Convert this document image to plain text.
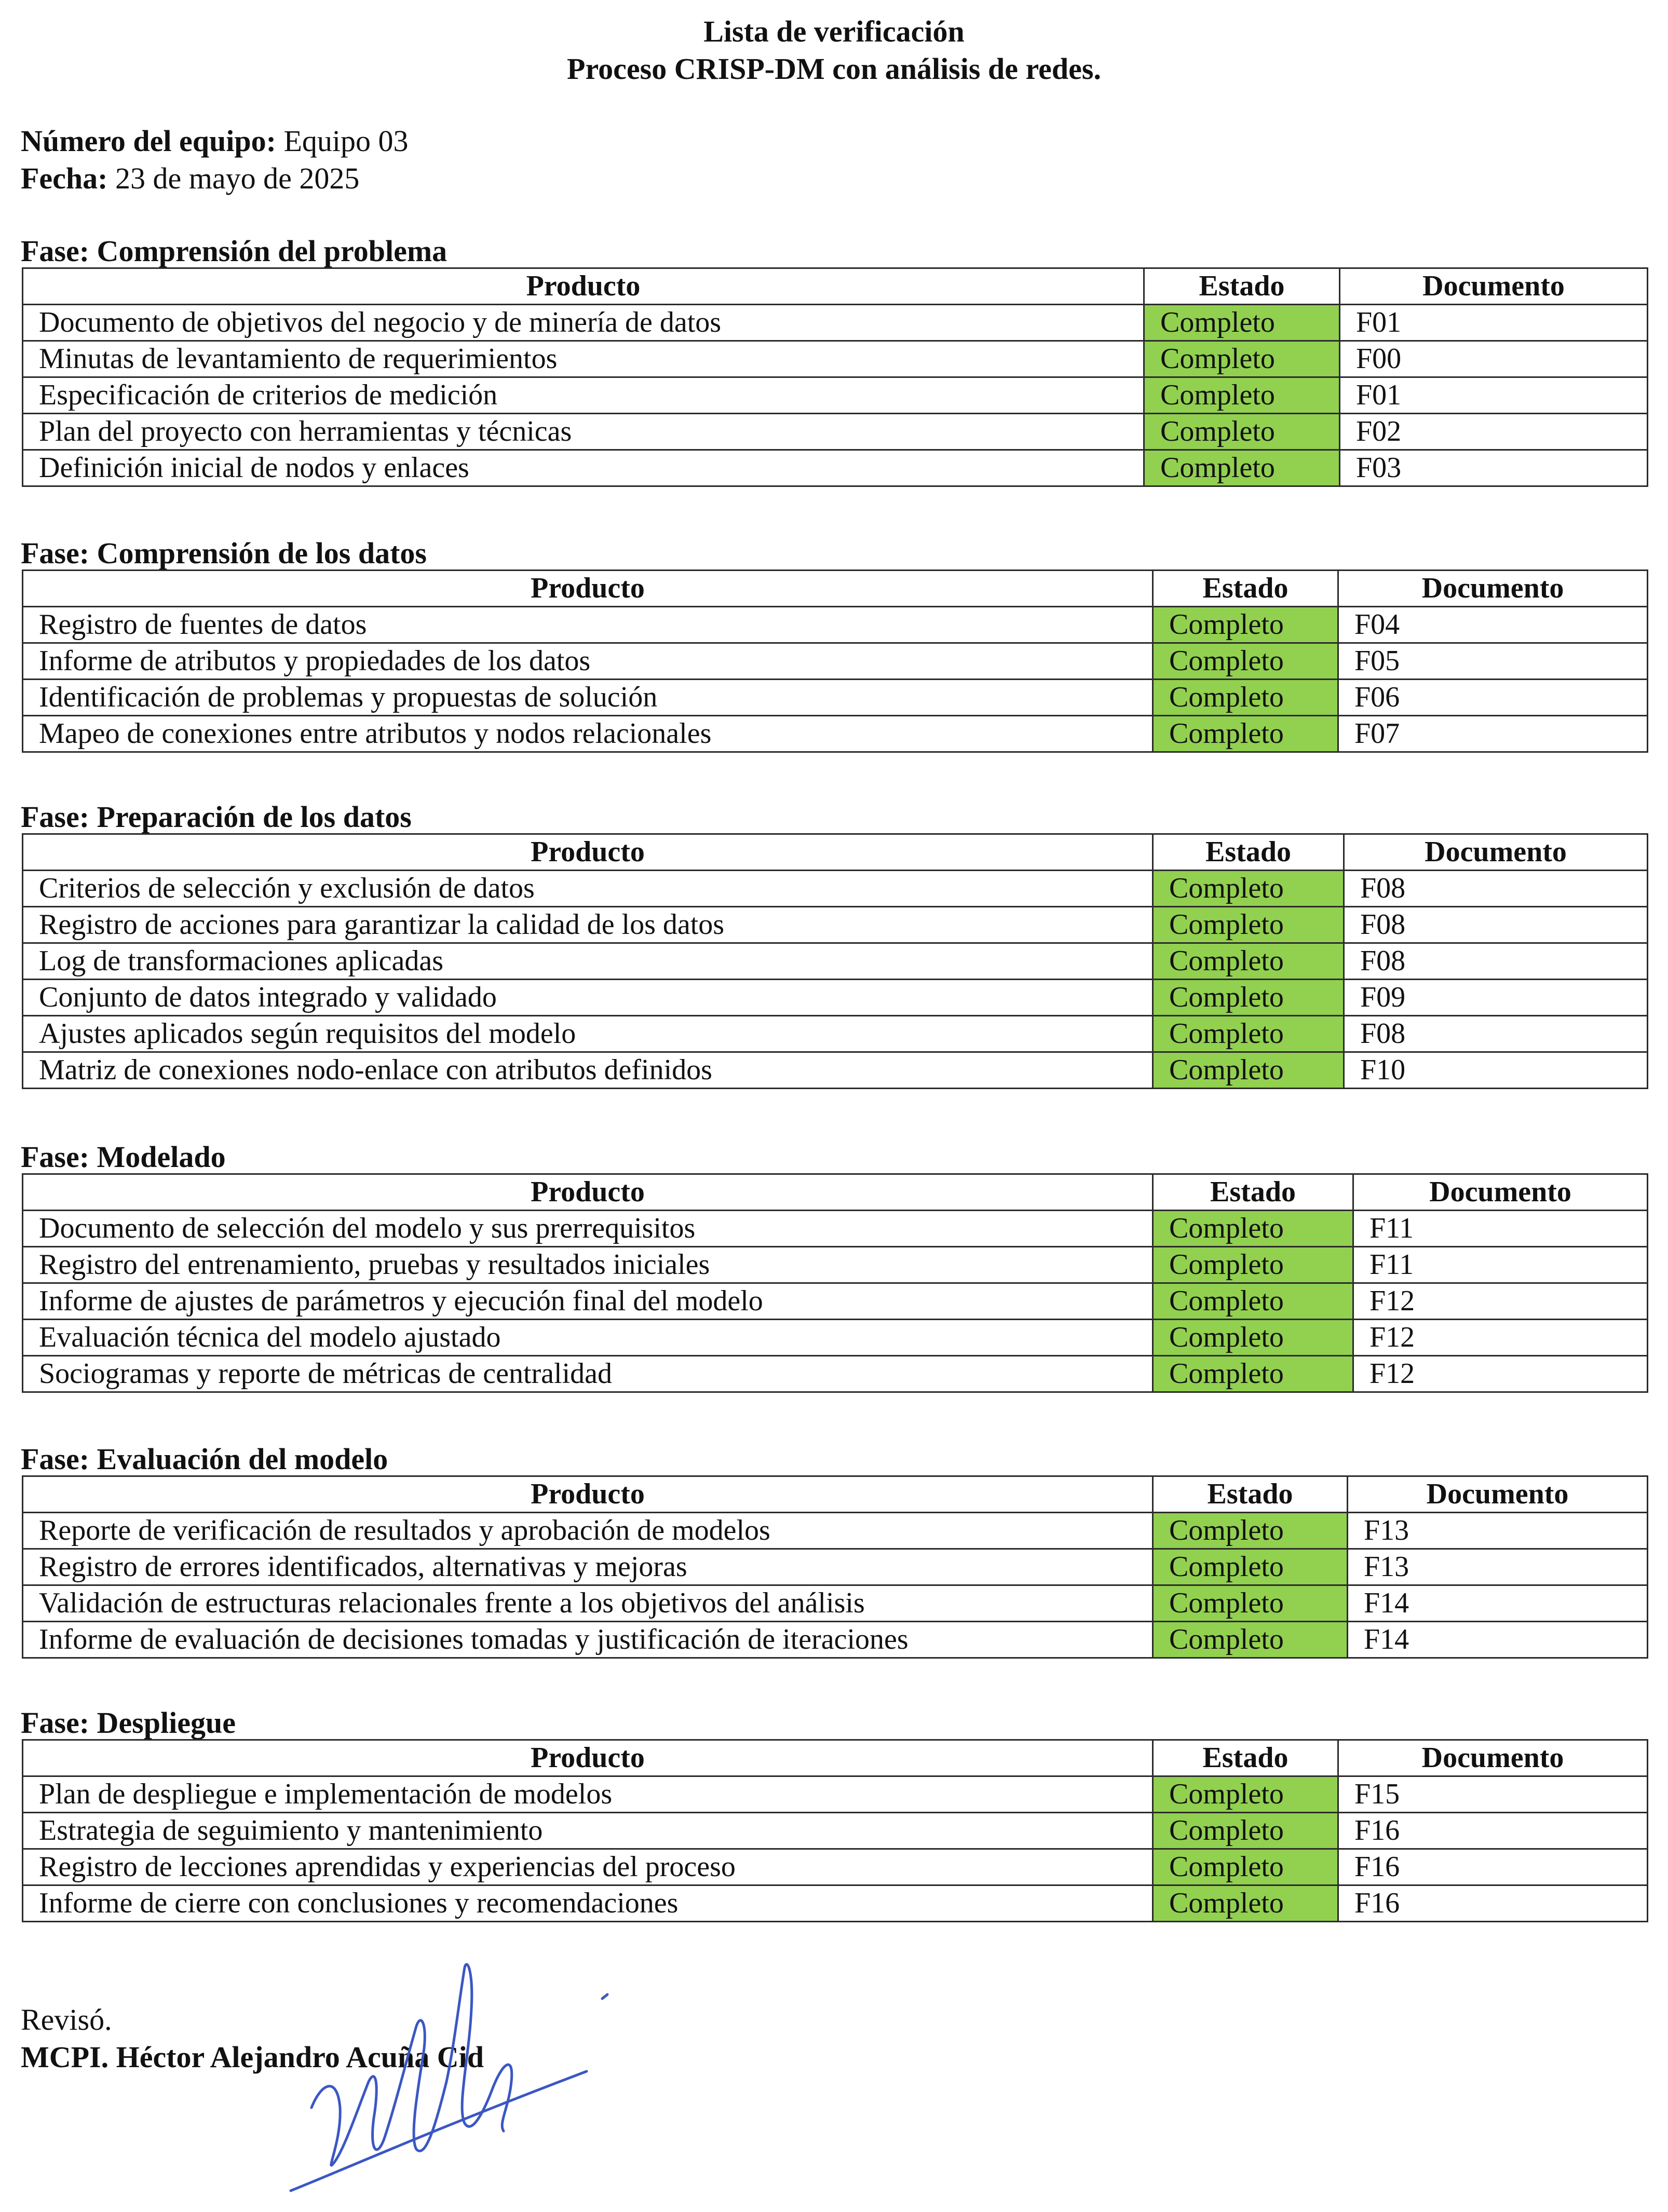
Lista de verificación
Proceso CRISP-DM con análisis de redes.
Número del equipo: Equipo 03
Fecha: 23 de mayo de 2025
Fase: Comprensión del problema
Producto	Estado	Documento
Documento de objetivos del negocio y de minería de datos	Completo	F01
Minutas de levantamiento de requerimientos	Completo	F00
Especificación de criterios de medición	Completo	F01
Plan del proyecto con herramientas y técnicas	Completo	F02
Definición inicial de nodos y enlaces	Completo	F03
Fase: Comprensión de los datos
Producto	Estado	Documento
Registro de fuentes de datos	Completo	F04
Informe de atributos y propiedades de los datos	Completo	F05
Identificación de problemas y propuestas de solución	Completo	F06
Mapeo de conexiones entre atributos y nodos relacionales	Completo	F07
Fase: Preparación de los datos
Producto	Estado	Documento
Criterios de selección y exclusión de datos	Completo	F08
Registro de acciones para garantizar la calidad de los datos	Completo	F08
Log de transformaciones aplicadas	Completo	F08
Conjunto de datos integrado y validado	Completo	F09
Ajustes aplicados según requisitos del modelo	Completo	F08
Matriz de conexiones nodo-enlace con atributos definidos	Completo	F10
Fase: Modelado
Producto	Estado	Documento
Documento de selección del modelo y sus prerrequisitos	Completo	F11
Registro del entrenamiento, pruebas y resultados iniciales	Completo	F11
Informe de ajustes de parámetros y ejecución final del modelo	Completo	F12
Evaluación técnica del modelo ajustado	Completo	F12
Sociogramas y reporte de métricas de centralidad	Completo	F12
Fase: Evaluación del modelo
Producto	Estado	Documento
Reporte de verificación de resultados y aprobación de modelos	Completo	F13
Registro de errores identificados, alternativas y mejoras	Completo	F13
Validación de estructuras relacionales frente a los objetivos del análisis	Completo	F14
Informe de evaluación de decisiones tomadas y justificación de iteraciones	Completo	F14
Fase: Despliegue
Producto	Estado	Documento
Plan de despliegue e implementación de modelos	Completo	F15
Estrategia de seguimiento y mantenimiento	Completo	F16
Registro de lecciones aprendidas y experiencias del proceso	Completo	F16
Informe de cierre con conclusiones y recomendaciones	Completo	F16
Revisó.
MCPI. Héctor Alejandro Acuña Cid
